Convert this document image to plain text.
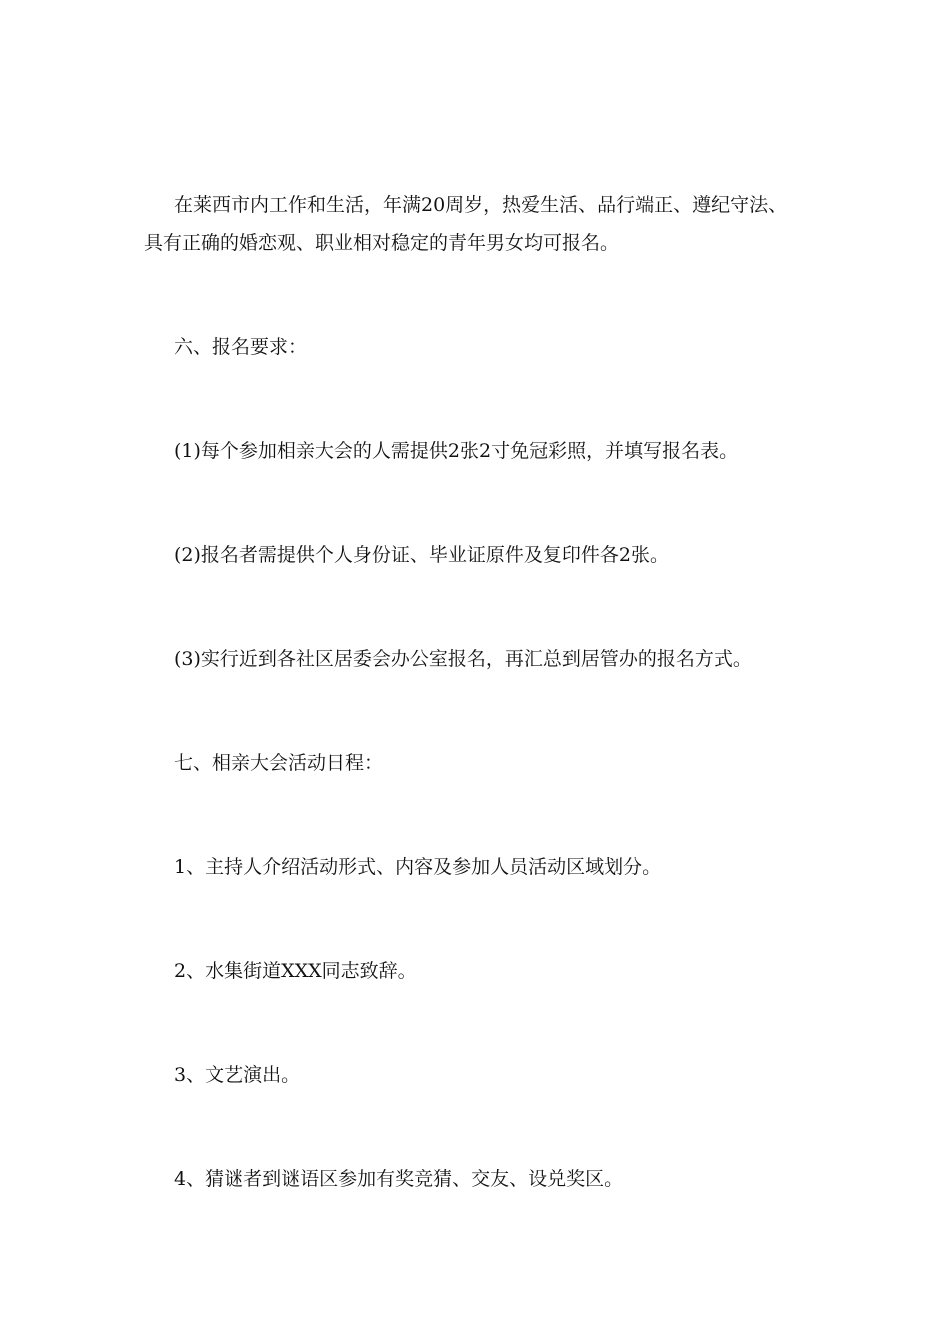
在莱西市内工作和生活，年满20周岁，热爱生活、品行端正、遵纪守法、具有正确的婚恋观、职业相对稳定的青年男女均可报名。

六、报名要求：

(1)每个参加相亲大会的人需提供2张2寸免冠彩照，并填写报名表。

(2)报名者需提供个人身份证、毕业证原件及复印件各2张。

(3)实行近到各社区居委会办公室报名，再汇总到居管办的报名方式。

七、相亲大会活动日程：

1、主持人介绍活动形式、内容及参加人员活动区域划分。

2、水集街道XXX同志致辞。

3、文艺演出。

4、猜谜者到谜语区参加有奖竞猜、交友、设兑奖区。
